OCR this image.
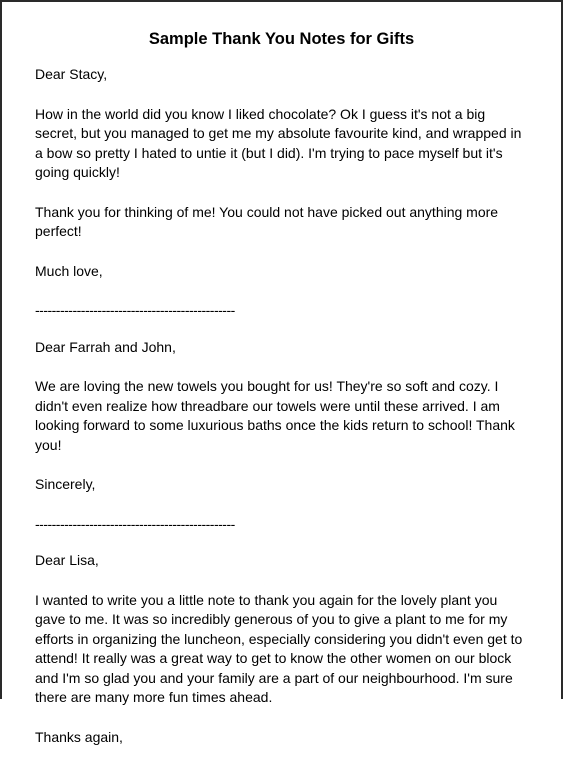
Sample Thank You Notes for Gifts

Dear Stacy,

How in the world did you know I liked chocolate? Ok I guess it's not a big secret, but you managed to get me my absolute favourite kind, and wrapped in a bow so pretty I hated to untie it (but I did). I'm trying to pace myself but it's going quickly!

Thank you for thinking of me! You could not have picked out anything more perfect!

Much love,

------------------------------------------------

Dear Farrah and John,

We are loving the new towels you bought for us! They're so soft and cozy. I didn't even realize how threadbare our towels were until these arrived. I am looking forward to some luxurious baths once the kids return to school! Thank you!

Sincerely,

------------------------------------------------

Dear Lisa,

I wanted to write you a little note to thank you again for the lovely plant you gave to me. It was so incredibly generous of you to give a plant to me for my efforts in organizing the luncheon, especially considering you didn't even get to attend! It really was a great way to get to know the other women on our block and I'm so glad you and your family are a part of our neighbourhood. I'm sure there are many more fun times ahead.

Thanks again,
